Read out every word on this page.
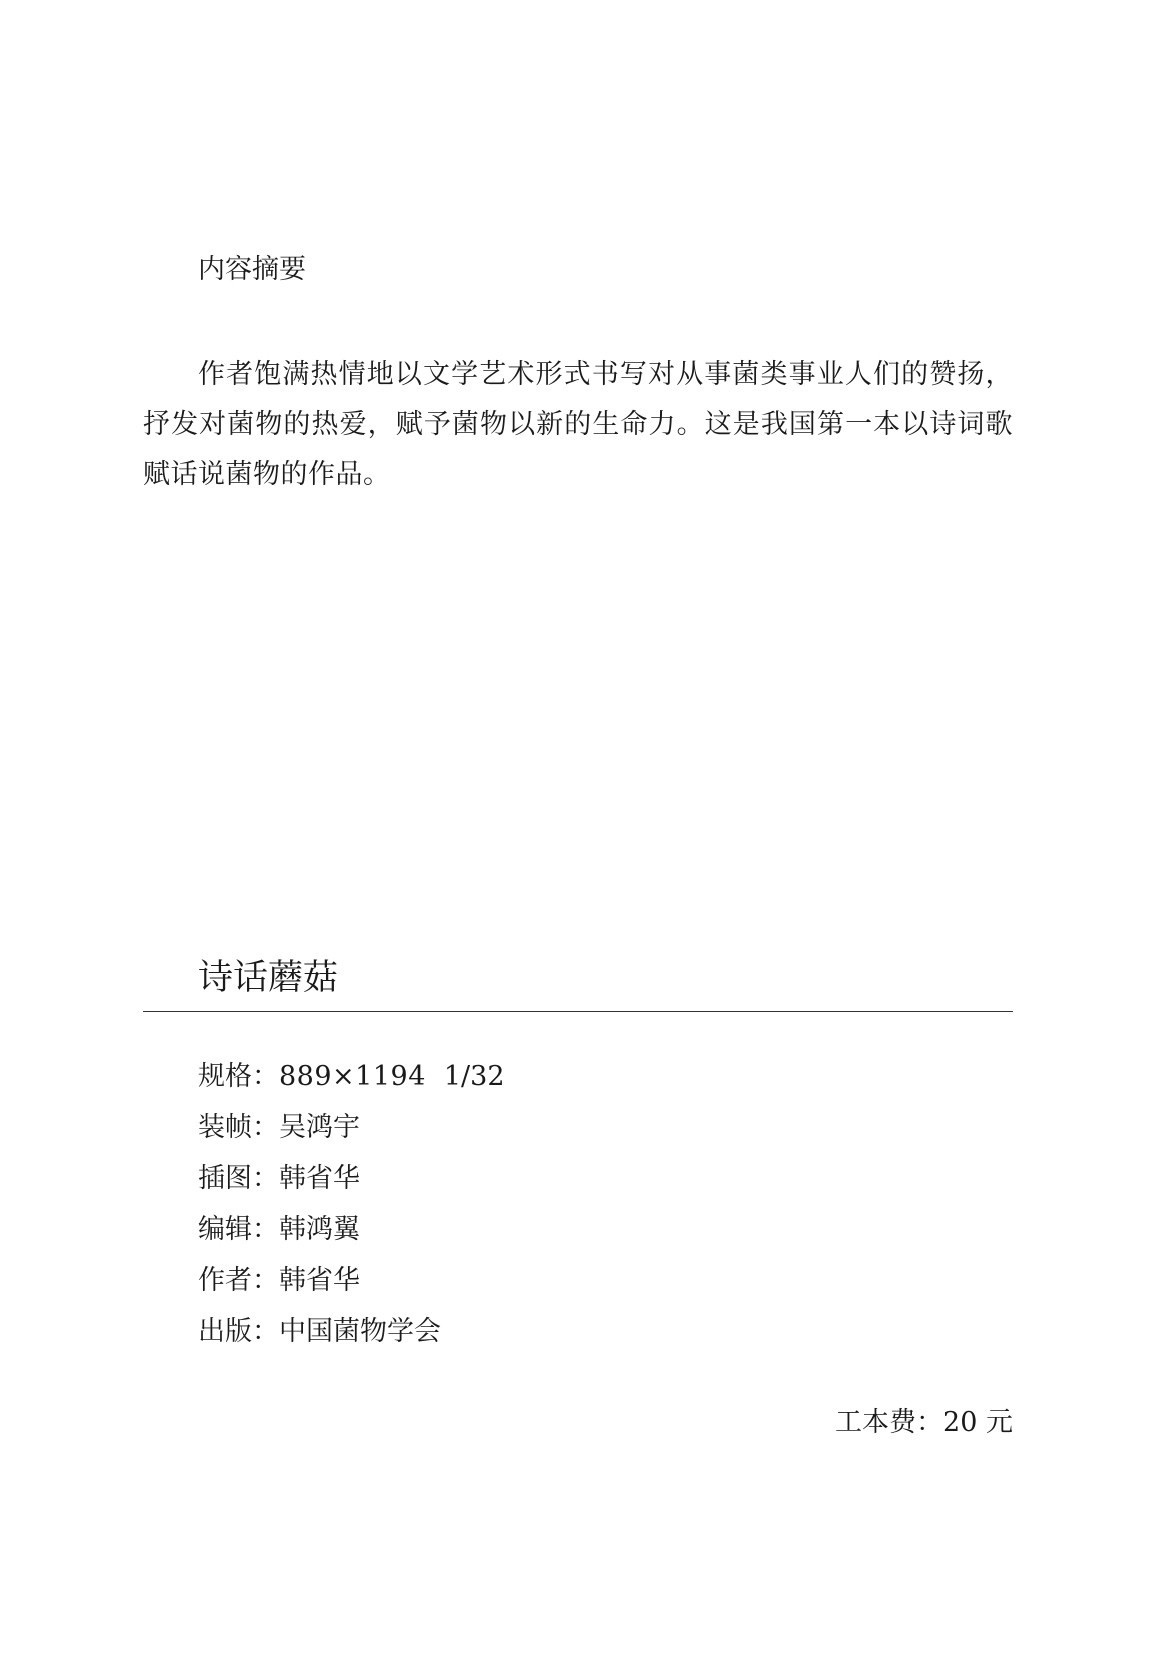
内容摘要

作者饱满热情地以文学艺术形式书写对从事菌类事业人们的赞扬，抒发对菌物的热爱，赋予菌物以新的生命力。这是我国第一本以诗词歌赋话说菌物的作品。

诗话蘑菇
规格 ： 889×1194 1/32
装帧 ： 吴鸿宇
插图 ： 韩省华
编辑 ： 韩鸿翼
作者 ： 韩省华
出版 ： 中国菌物学会
工本费 ： 20 元
